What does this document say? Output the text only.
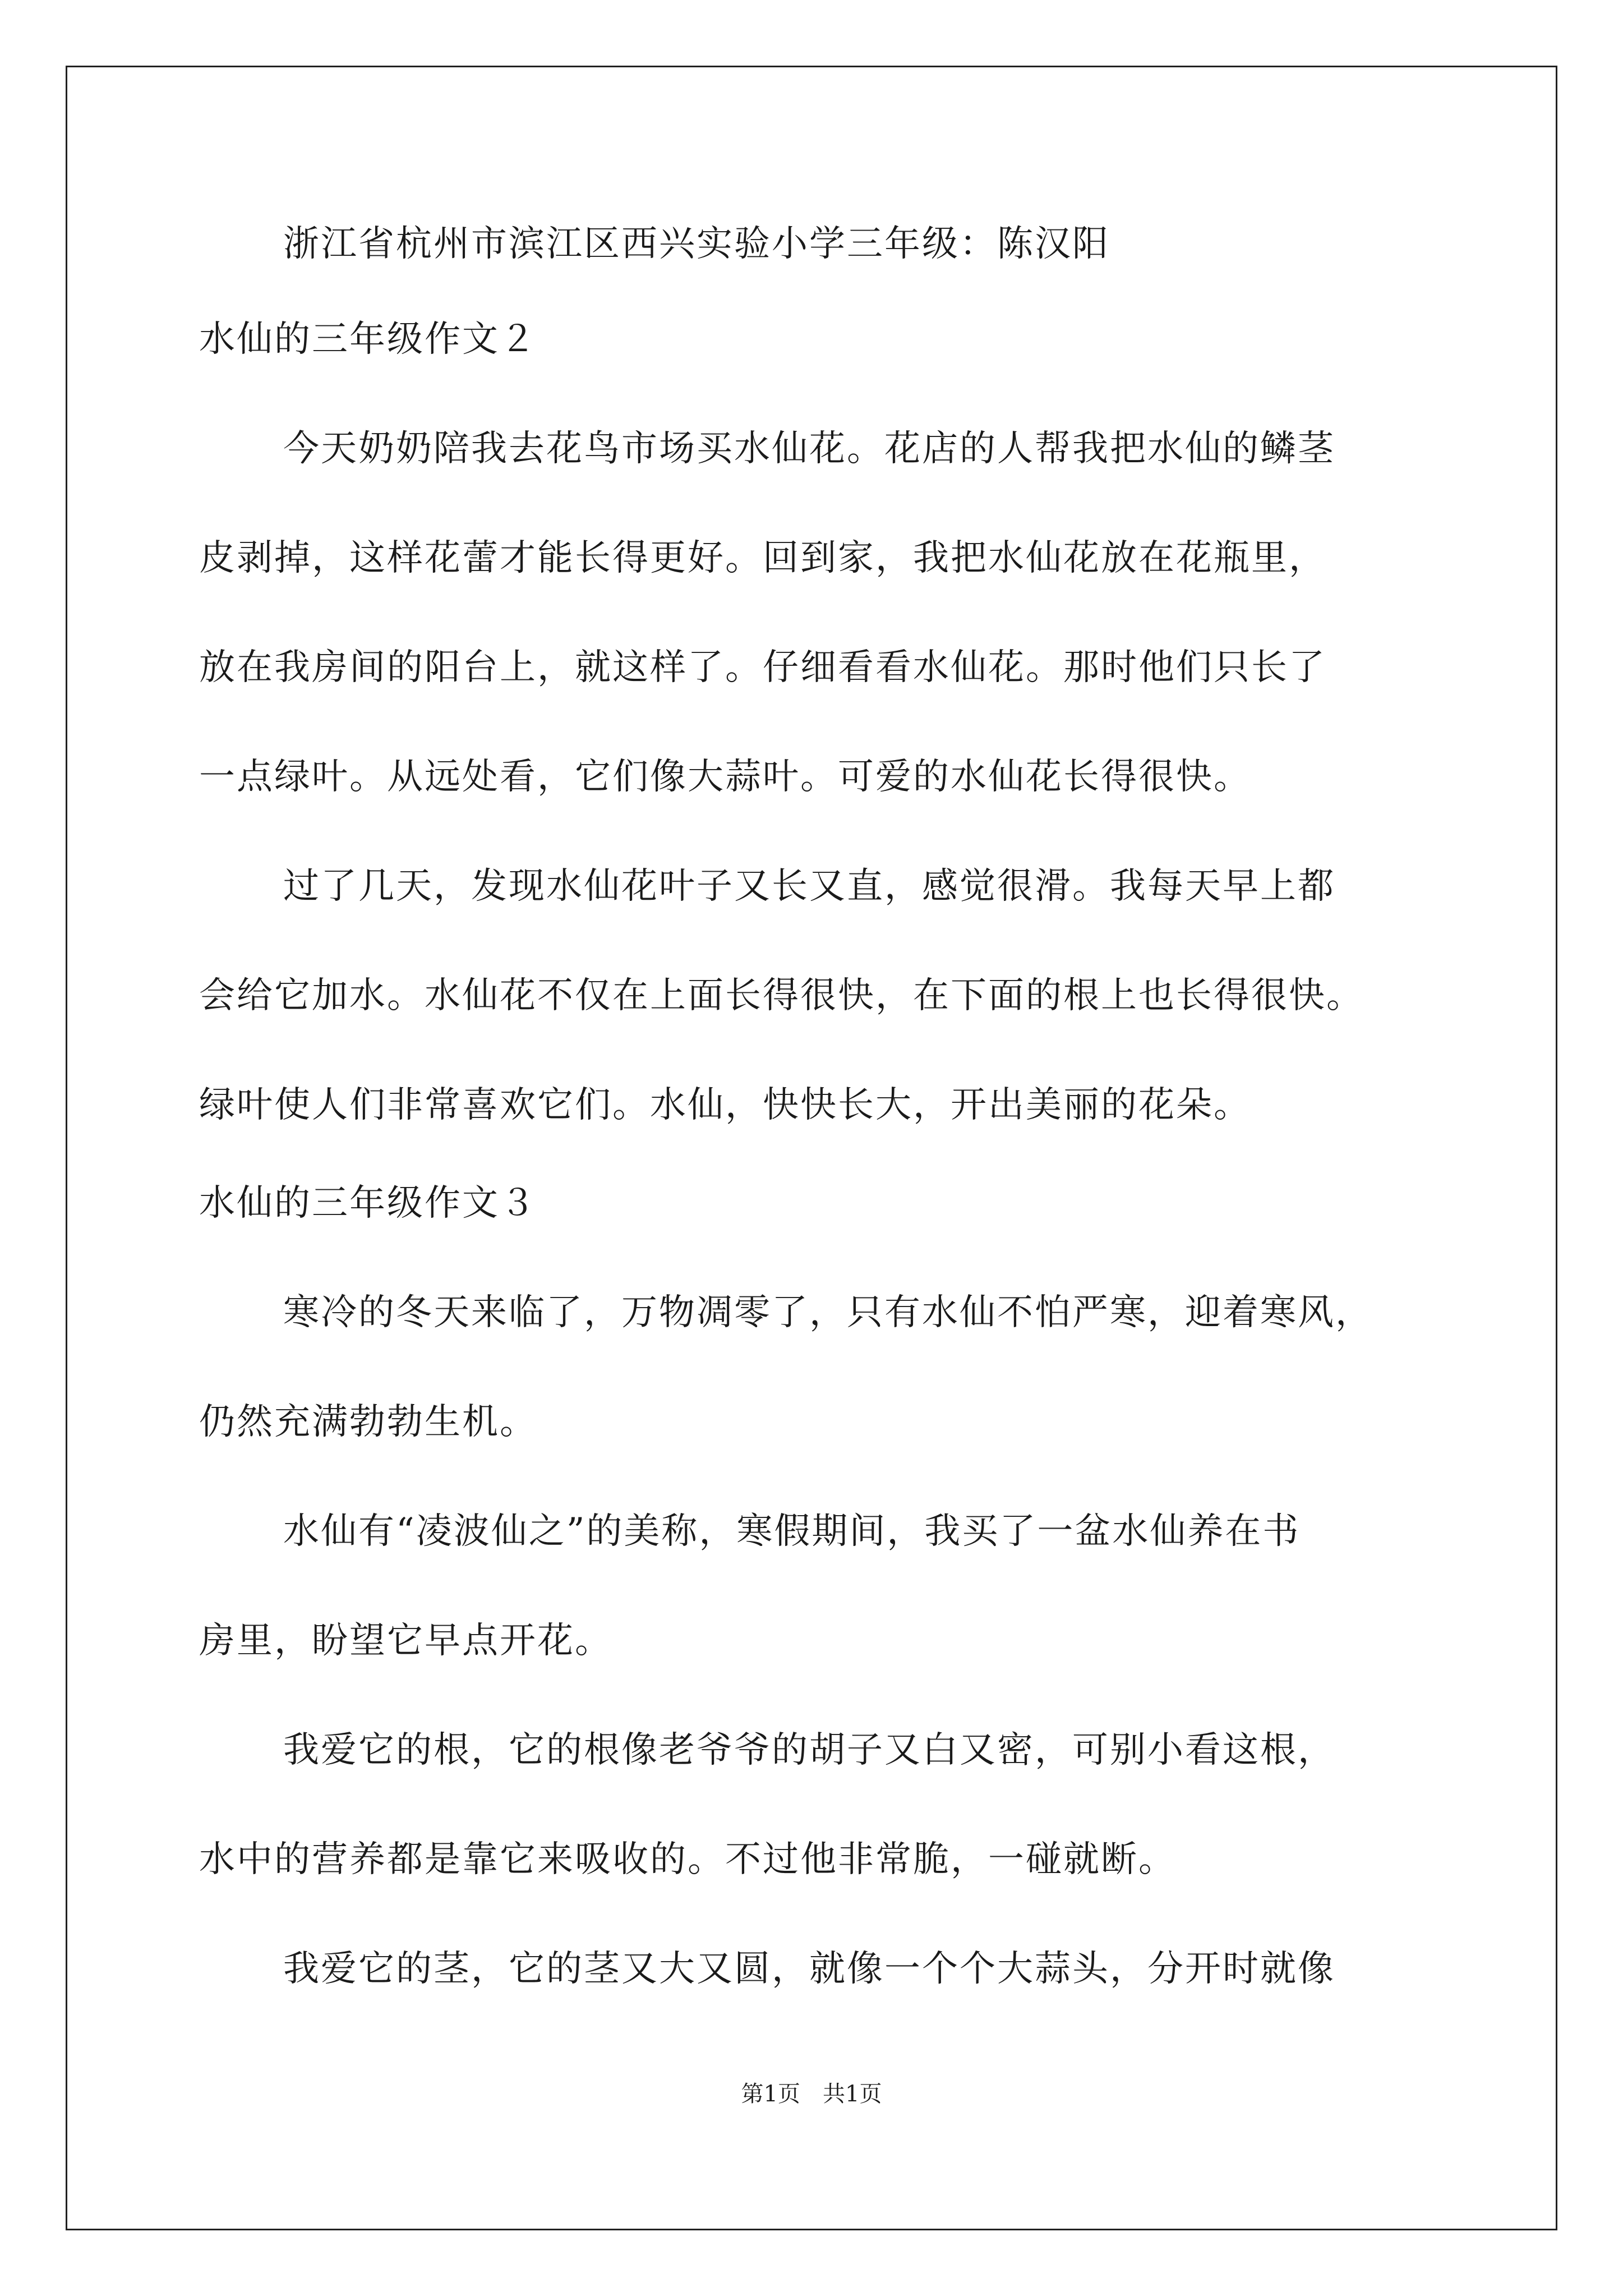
浙江省杭州市滨江区西兴实验小学三年级：陈汉阳
水仙的三年级作文２
今天奶奶陪我去花鸟市场买水仙花。花店的人帮我把水仙的鳞茎
皮剥掉，这样花蕾才能长得更好。回到家，我把水仙花放在花瓶里，
放在我房间的阳台上，就这样了。仔细看看水仙花。那时他们只长了
一点绿叶。从远处看，它们像大蒜叶。可爱的水仙花长得很快。
过了几天，发现水仙花叶子又长又直，感觉很滑。我每天早上都
会给它加水。水仙花不仅在上面长得很快，在下面的根上也长得很快。
绿叶使人们非常喜欢它们。水仙，快快长大，开出美丽的花朵。
水仙的三年级作文３
寒冷的冬天来临了，万物凋零了，只有水仙不怕严寒，迎着寒风，
仍然充满勃勃生机。
水仙有“凌波仙之”的美称，寒假期间，我买了一盆水仙养在书
房里，盼望它早点开花。
我爱它的根，它的根像老爷爷的胡子又白又密，可别小看这根，
水中的营养都是靠它来吸收的。不过他非常脆，一碰就断。
我爱它的茎，它的茎又大又圆，就像一个个大蒜头，分开时就像
第1页　共1页
